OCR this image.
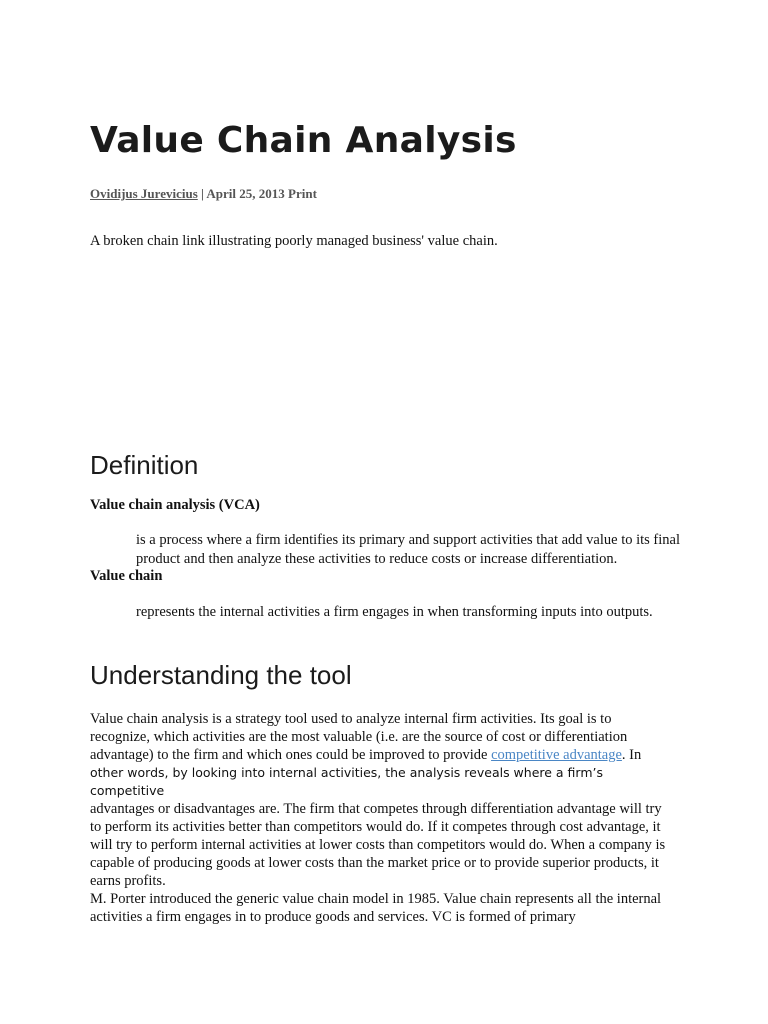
Value Chain Analysis
Ovidijus Jurevicius | April 25, 2013 Print
A broken chain link illustrating poorly managed business' value chain.
Definition
Value chain analysis (VCA)
is a process where a firm identifies its primary and support activities that add value to its final product and then analyze these activities to reduce costs or increase differentiation.
Value chain
represents the internal activities a firm engages in when transforming inputs into outputs.
Understanding the tool
Value chain analysis is a strategy tool used to analyze internal firm activities. Its goal is to recognize, which activities are the most valuable (i.e. are the source of cost or differentiation advantage) to the firm and which ones could be improved to provide competitive advantage. In
other words, by looking into internal activities, the analysis reveals where a firm’s competitive
advantages or disadvantages are. The firm that competes through differentiation advantage will try to perform its activities better than competitors would do. If it competes through cost advantage, it will try to perform internal activities at lower costs than competitors would do. When a company is capable of producing goods at lower costs than the market price or to provide superior products, it earns profits.
M. Porter introduced the generic value chain model in 1985. Value chain represents all the internal activities a firm engages in to produce goods and services. VC is formed of primary
